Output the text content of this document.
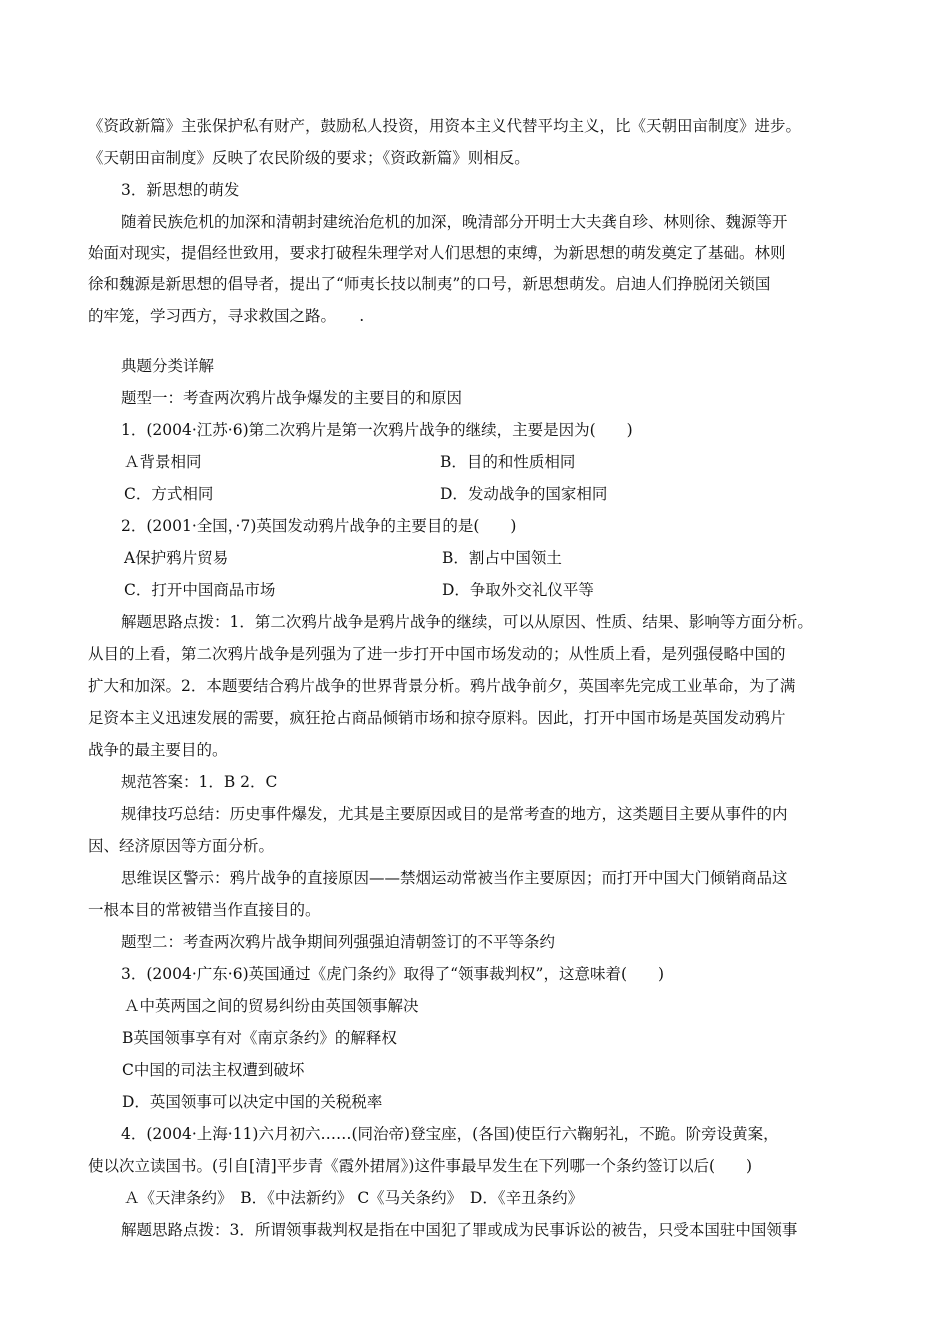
《资政新篇》主张保护私有财产，鼓励私人投资，用资本主义代替平均主义，比《天朝田亩制度》进步。
《天朝田亩制度》反映了农民阶级的要求；《资政新篇》则相反。
3．新思想的萌发
随着民族危机的加深和清朝封建统治危机的加深，晚清部分开明士大夫龚自珍、林则徐、魏源等开
始面对现实，提倡经世致用，要求打破程朱理学对人们思想的束缚，为新思想的萌发奠定了基础。林则
徐和魏源是新思想的倡导者，提出了“师夷长技以制夷”的口号，新思想萌发。启迪人们挣脱闭关锁国
的牢笼，学习西方，寻求救国之路。　　.
典题分类详解
题型一：考查两次鸦片战争爆发的主要目的和原因
1．(2004·江苏·6)第二次鸦片是第一次鸦片战争的继续，主要是因为(　　)
Ａ背景相同	B．目的和性质相同
C．方式相同	D．发动战争的国家相同
2．(2001·全国，·7)英国发动鸦片战争的主要目的是(　　)
A保护鸦片贸易	B．割占中国领土
C．打开中国商品市场	D．争取外交礼仪平等
解题思路点拨：1．第二次鸦片战争是鸦片战争的继续，可以从原因、性质、结果、影响等方面分析。
从目的上看，第二次鸦片战争是列强为了进一步打开中国市场发动的；从性质上看，是列强侵略中国的
扩大和加深。2．本题要结合鸦片战争的世界背景分析。鸦片战争前夕，英国率先完成工业革命，为了满
足资本主义迅速发展的需要，疯狂抢占商品倾销市场和掠夺原料。因此，打开中国市场是英国发动鸦片
战争的最主要目的。
规范答案：1．B 2．C
规律技巧总结：历史事件爆发，尤其是主要原因或目的是常考查的地方，这类题目主要从事件的内
因、经济原因等方面分析。
思维误区警示：鸦片战争的直接原因——禁烟运动常被当作主要原因；而打开中国大门倾销商品这
一根本目的常被错当作直接目的。
题型二：考查两次鸦片战争期间列强强迫清朝签订的不平等条约
3．(2004·广东·6)英国通过《虎门条约》取得了“领事裁判权”，这意味着(　　)
Ａ中英两国之间的贸易纠纷由英国领事解决
B英国领事享有对《南京条约》的解释权
C中国的司法主权遭到破坏
D．英国领事可以决定中国的关税税率
4．(2004·上海·11)六月初六……(同治帝)登宝座，(各国)使臣行六鞠躬礼，不跪。阶旁设黄案，
使以次立读国书。(引自[清]平步青《霞外捃屑》)这件事最早发生在下列哪一个条约签订以后(　　)
Ａ《天津条约》　B．《中法新约》 C《马关条约》　D．《辛丑条约》
解题思路点拨：3．所谓领事裁判权是指在中国犯了罪或成为民事诉讼的被告，只受本国驻中国领事
